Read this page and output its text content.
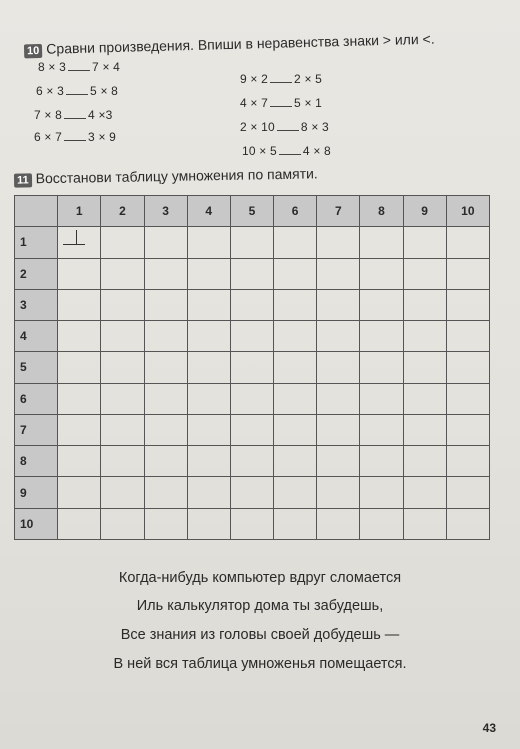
10 Сравни произведения. Впиши в неравенства знаки > или <.
8 × 3 7 × 4
6 × 3 5 × 8
7 × 8 4 ×3
6 × 7 3 × 9
9 × 2 2 × 5
4 × 7 5 × 1
2 × 10 8 × 3
10 × 5 4 × 8
11 Восстанови таблицу умножения по памяти.
	1	2	3	4	5	6	7	8	9	10
1	

2										
3										
4										
5										
6										
7										
8										
9										
10										
Когда-нибудь компьютер вдруг сломается
Иль калькулятор дома ты забудешь,
Все знания из головы своей добудешь —
В ней вся таблица умноженья помещается.
43
